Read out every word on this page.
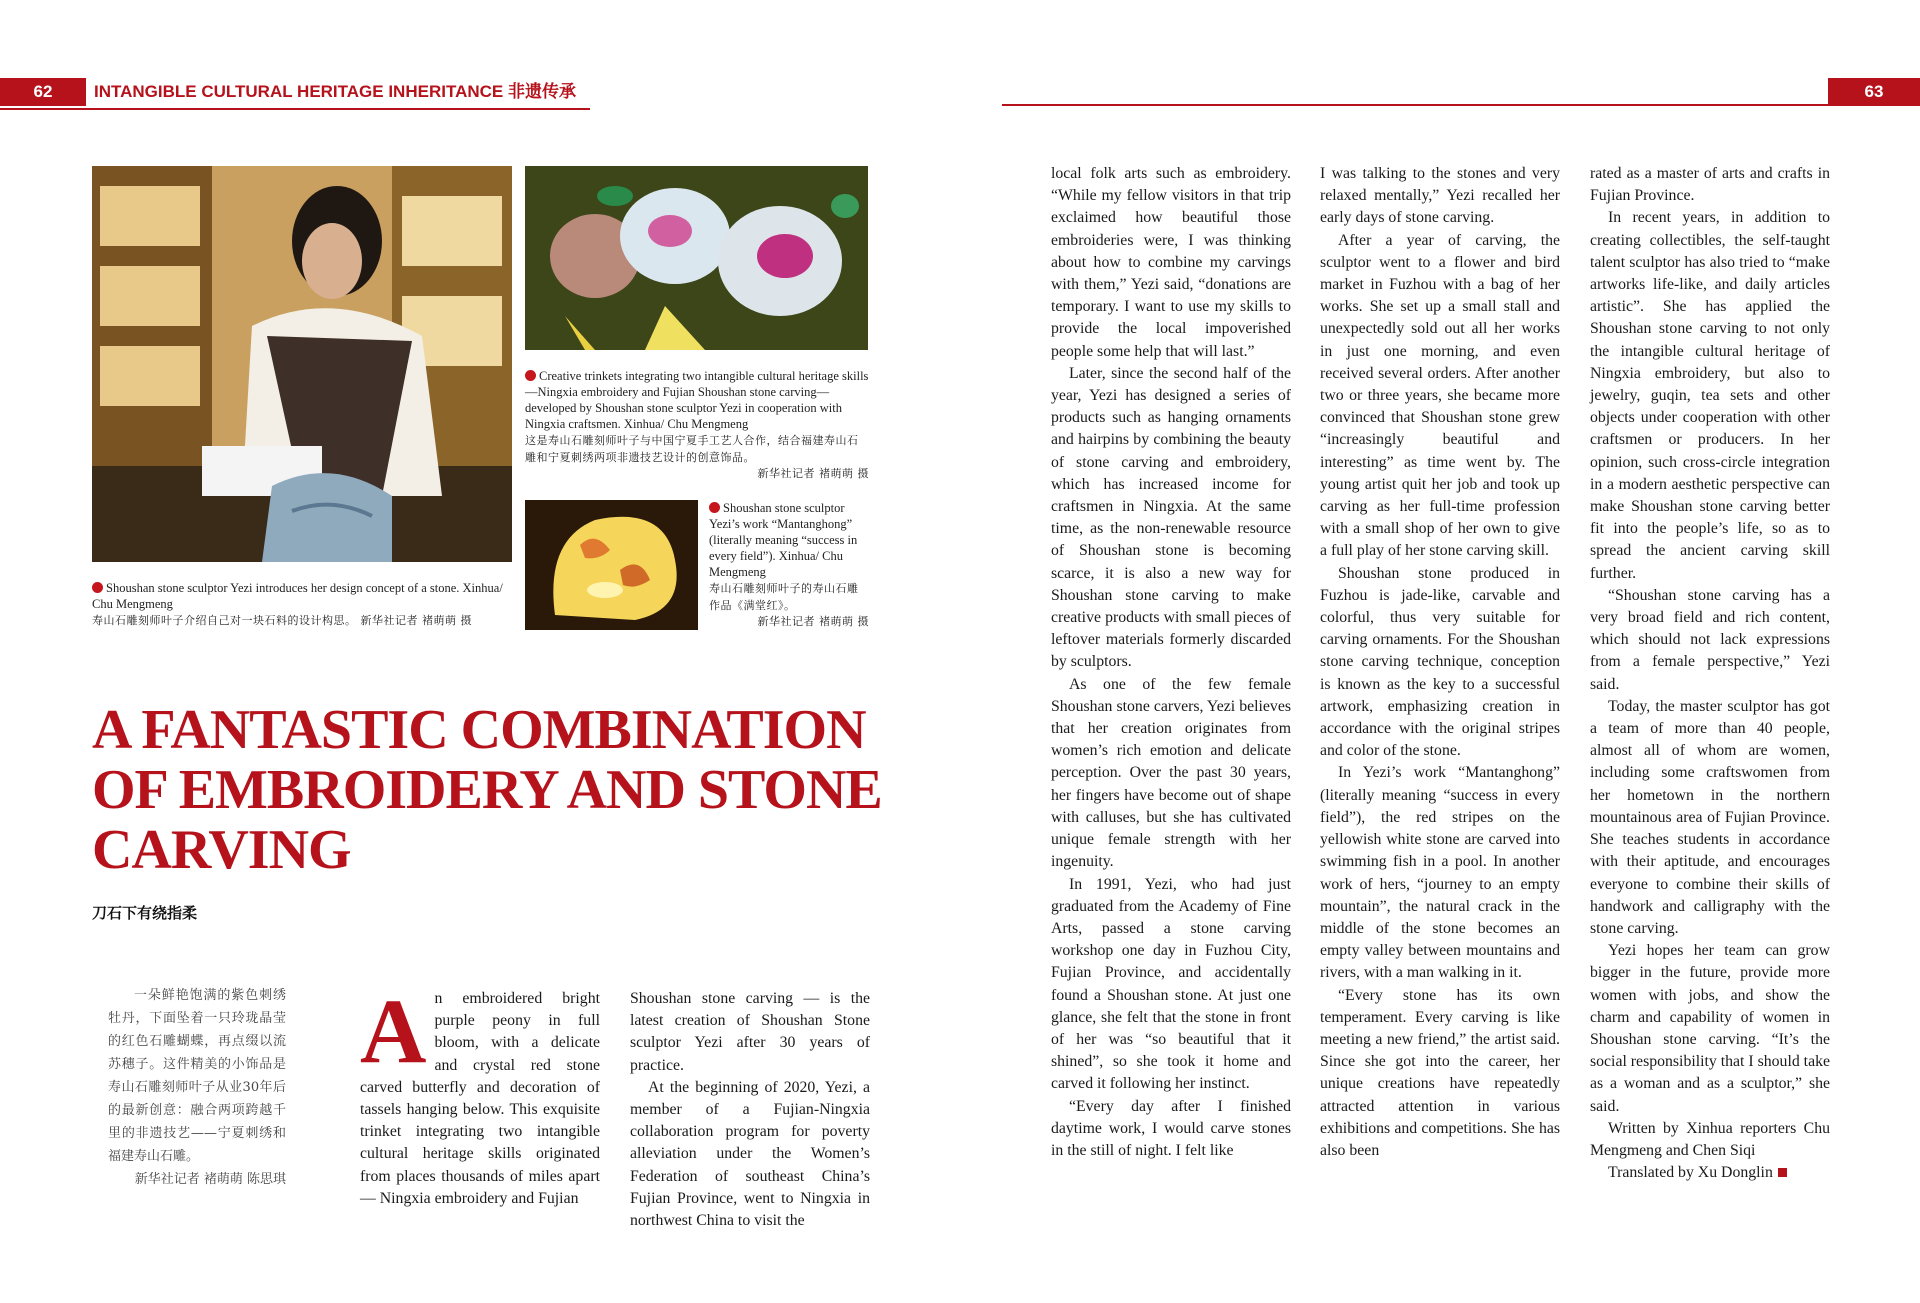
62	INTANGIBLE CULTURAL HERITAGE INHERITANCE 非遗传承	63
Shoushan stone sculptor Yezi introduces her design concept of a stone. Xinhua/ Chu Mengmeng
寿山石雕刻师叶子介绍自己对一块石料的设计构思。 新华社记者 褚萌萌 摄
Creative trinkets integrating two intangible cultural heritage skills—Ningxia embroidery and Fujian Shoushan stone carving—developed by Shoushan stone sculptor Yezi in cooperation with Ningxia craftsmen. Xinhua/ Chu Mengmeng
这是寿山石雕刻师叶子与中国宁夏手工艺人合作，结合福建寿山石雕和宁夏刺绣两项非遗技艺设计的创意饰品。

新华社记者 褚萌萌 摄
Shoushan stone sculptor Yezi’s work “Mantanghong” (literally meaning “success in every field”). Xinhua/ Chu Mengmeng
寿山石雕刻师叶子的寿山石雕作品《满堂红》。

新华社记者 褚萌萌 摄
A FANTASTIC COMBINATION OF EMBROIDERY AND STONE CARVING
刀石下有绕指柔

一朵鲜艳饱满的紫色刺绣牡丹，下面坠着一只玲珑晶莹的红色石雕蝴蝶，再点缀以流苏穗子。这件精美的小饰品是寿山石雕刻师叶子从业30年后的最新创意：融合两项跨越千里的非遗技艺——宁夏刺绣和福建寿山石雕。

新华社记者 褚萌萌 陈思琪

An embroidered bright purple peony in full bloom, with a delicate and crystal red stone carved butterfly and decoration of tassels hanging below. This exquisite trinket integrating two intangible cultural heritage skills originated from places thousands of miles apart — Ningxia embroidery and Fujian

Shoushan stone carving — is the latest creation of Shoushan Stone sculptor Yezi after 30 years of practice.

At the beginning of 2020, Yezi, a member of a Fujian-Ningxia collaboration program for poverty alleviation under the Women’s Federation of southeast China’s Fujian Province, went to Ningxia in northwest China to visit the

local folk arts such as embroidery. “While my fellow visitors in that trip exclaimed how beautiful those embroideries were, I was thinking about how to combine my carvings with them,” Yezi said, “donations are temporary. I want to use my skills to provide the local impoverished people some help that will last.”

Later, since the second half of the year, Yezi has designed a series of products such as hanging ornaments and hairpins by combining the beauty of stone carving and embroidery, which has increased income for craftsmen in Ningxia. At the same time, as the non-renewable resource of Shoushan stone is becoming scarce, it is also a new way for Shoushan stone carving to make creative products with small pieces of leftover materials formerly discarded by sculptors.

As one of the few female Shoushan stone carvers, Yezi believes that her creation originates from women’s rich emotion and delicate perception. Over the past 30 years, her fingers have become out of shape with calluses, but she has cultivated unique female strength with her ingenuity.

In 1991, Yezi, who had just graduated from the Academy of Fine Arts, passed a stone carving workshop one day in Fuzhou City, Fujian Province, and accidentally found a Shoushan stone. At just one glance, she felt that the stone in front of her was “so beautiful that it shined”, so she took it home and carved it following her instinct.

“Every day after I finished daytime work, I would carve stones in the still of night. I felt like

I was talking to the stones and very relaxed mentally,” Yezi recalled her early days of stone carving.

After a year of carving, the sculptor went to a flower and bird market in Fuzhou with a bag of her works. She set up a small stall and unexpectedly sold out all her works in just one morning, and even received several orders. After another two or three years, she became more convinced that Shoushan stone grew “increasingly beautiful and interesting” as time went by. The young artist quit her job and took up carving as her full-time profession with a small shop of her own to give a full play of her stone carving skill.

Shoushan stone produced in Fuzhou is jade-like, carvable and colorful, thus very suitable for carving ornaments. For the Shoushan stone carving technique, conception is known as the key to a successful artwork, emphasizing creation in accordance with the original stripes and color of the stone.

In Yezi’s work “Mantanghong” (literally meaning “success in every field”), the red stripes on the yellowish white stone are carved into swimming fish in a pool. In another work of hers, “journey to an empty mountain”, the natural crack in the middle of the stone becomes an empty valley between mountains and rivers, with a man walking in it.

“Every stone has its own temperament. Every carving is like meeting a new friend,” the artist said. Since she got into the career, her unique creations have repeatedly attracted attention in various exhibitions and competitions. She has also been

rated as a master of arts and crafts in Fujian Province.

In recent years, in addition to creating collectibles, the self-taught talent sculptor has also tried to “make artworks life-like, and daily articles artistic”. She has applied the Shoushan stone carving to not only the intangible cultural heritage of Ningxia embroidery, but also to jewelry, guqin, tea sets and other objects under cooperation with other craftsmen or producers. In her opinion, such cross-circle integration in a modern aesthetic perspective can make Shoushan stone carving better fit into the people’s life, so as to spread the ancient carving skill further.

“Shoushan stone carving has a very broad field and rich content, which should not lack expressions from a female perspective,” Yezi said.

Today, the master sculptor has got a team of more than 40 people, almost all of whom are women, including some craftswomen from her hometown in the northern mountainous area of Fujian Province. She teaches students in accordance with their aptitude, and encourages everyone to combine their skills of handwork and calligraphy with the stone carving.

Yezi hopes her team can grow bigger in the future, provide more women with jobs, and show the charm and capability of women in Shoushan stone carving. “It’s the social responsibility that I should take as a woman and as a sculptor,” she said.

Written by Xinhua reporters Chu Mengmeng and Chen Siqi

Translated by Xu Donglin
